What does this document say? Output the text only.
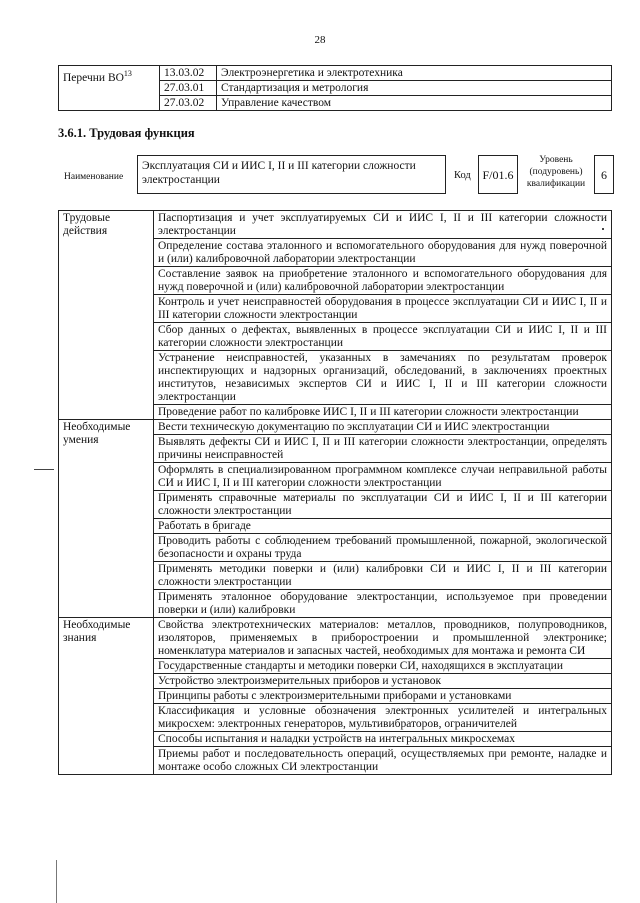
28
Перечни ВО$^{13}$	13.03.02	Электроэнергетика и электротехника
	27.03.01	Стандартизация и метрология
	27.03.02	Управление качеством
3.6.1. Трудовая функция
Наименование
Эксплуатация СИ и ИИС I, II и III категории сложности электростанции	Код F/01.6
Уровень (подуровень) квалификации
6
Трудовые действия	Паспортизация и учет эксплуатируемых СИ и ИИС I, II и III категории сложности электростанции
	Определение состава эталонного и вспомогательного оборудования для нужд поверочной и (или) калибровочной лаборатории электростанции
	Составление заявок на приобретение эталонного и вспомогательного оборудования для нужд поверочной и (или) калибровочной лаборатории электростанции
	Контроль и учет неисправностей оборудования в процессе эксплуатации СИ и ИИС I, II и III категории сложности электростанции
	Сбор данных о дефектах, выявленных в процессе эксплуатации СИ и ИИС I, II и III категории сложности электростанции
	Устранение неисправностей, указанных в замечаниях по результатам проверок инспектирующих и надзорных организаций, обследований, в заключениях проектных институтов, независимых экспертов СИ и ИИС I, II и III категории сложности электростанции
	Проведение работ по калибровке ИИС I, II и III категории сложности электростанции
Необходимые умения	Вести техническую документацию по эксплуатации СИ и ИИС электростанции
	Выявлять дефекты СИ и ИИС I, II и III категории сложности электростанции, определять причины неисправностей
	Оформлять в специализированном программном комплексе случаи неправильной работы СИ и ИИС I, II и III категории сложности электростанции
	Применять справочные материалы по эксплуатации СИ и ИИС I, II и III категории сложности электростанции
	Работать в бригаде
	Проводить работы с соблюдением требований промышленной, пожарной, экологической безопасности и охраны труда
	Применять методики поверки и (или) калибровки СИ и ИИС I, II и III категории сложности электростанции
	Применять эталонное оборудование электростанции, используемое при проведении поверки и (или) калибровки
Необходимые знания	Свойства электротехнических материалов: металлов, проводников, полупроводников, изоляторов, применяемых в приборостроении и промышленной электронике; номенклатура материалов и запасных частей, необходимых для монтажа и ремонта СИ
	Государственные стандарты и методики поверки СИ, находящихся в эксплуатации
	Устройство электроизмерительных приборов и установок
	Принципы работы с электроизмерительными приборами и установками
	Классификация и условные обозначения электронных усилителей и интегральных микросхем: электронных генераторов, мультивибраторов, ограничителей
	Способы испытания и наладки устройств на интегральных микросхемах
	Приемы работ и последовательность операций, осуществляемых при ремонте, наладке и монтаже особо сложных СИ электростанции
